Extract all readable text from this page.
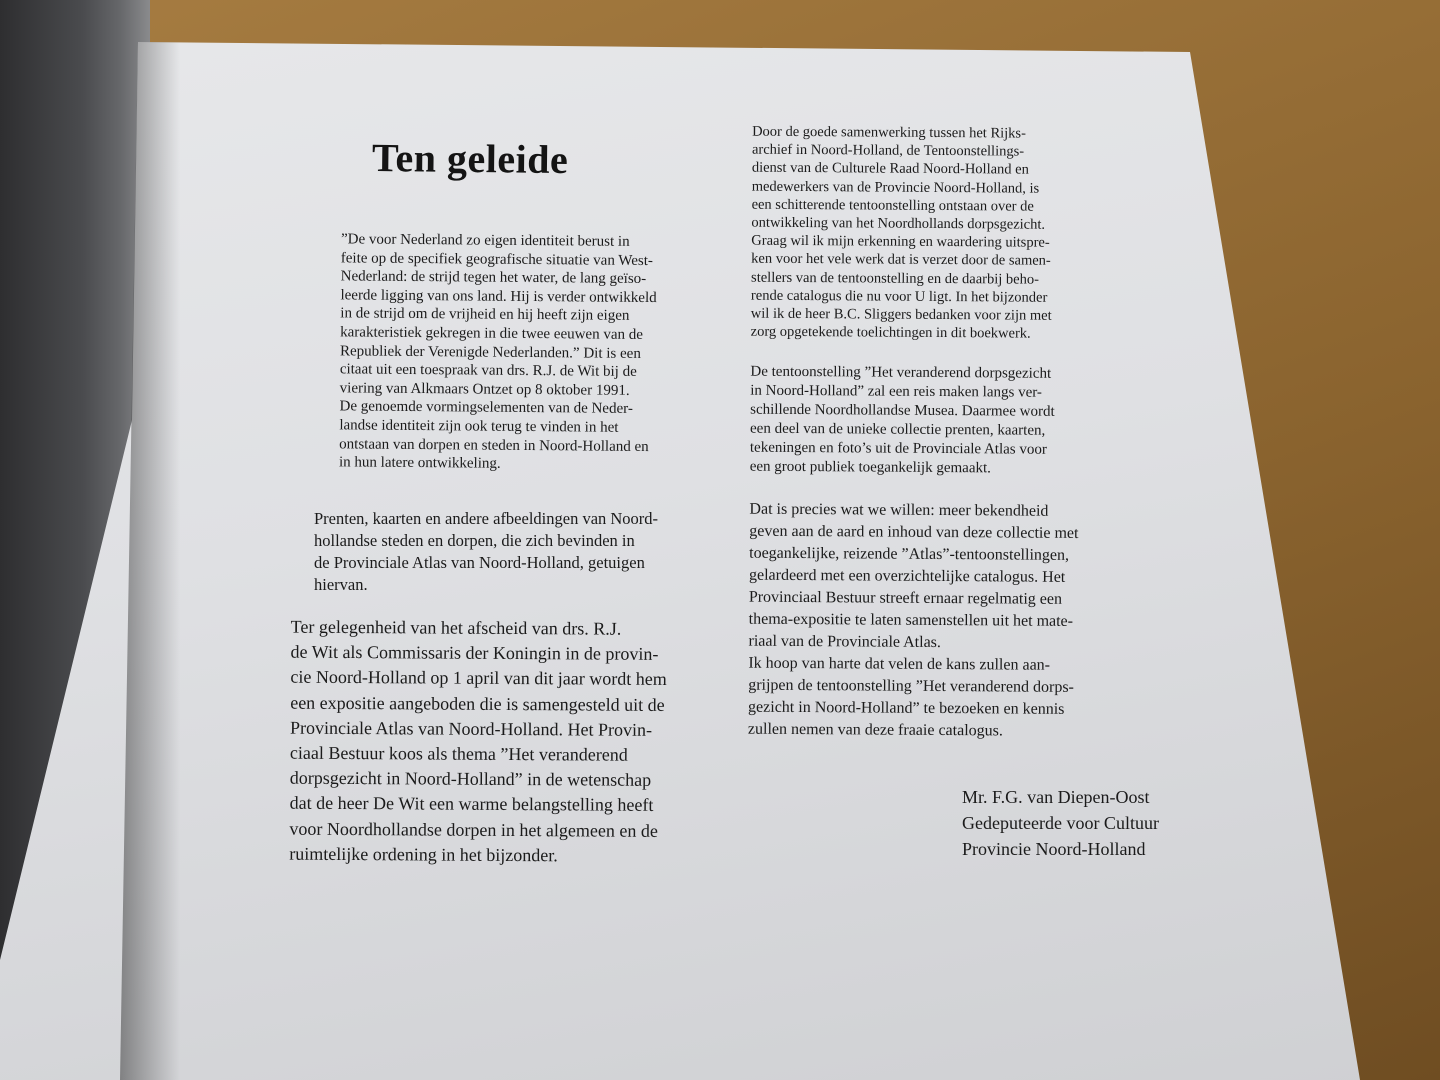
Ten geleide

”De voor Nederland zo eigen identiteit berust in
feite op de specifiek geografische situatie van West-
Nederland: de strijd tegen het water, de lang geïso-
leerde ligging van ons land. Hij is verder ontwikkeld
in de strijd om de vrijheid en hij heeft zijn eigen
karakteristiek gekregen in die twee eeuwen van de
Republiek der Verenigde Nederlanden.” Dit is een
citaat uit een toespraak van drs. R.J. de Wit bij de
viering van Alkmaars Ontzet op 8 oktober 1991.
De genoemde vormingselementen van de Neder-
landse identiteit zijn ook terug te vinden in het
ontstaan van dorpen en steden in Noord-Holland en
in hun latere ontwikkeling.

Prenten, kaarten en andere afbeeldingen van Noord-
hollandse steden en dorpen, die zich bevinden in
de Provinciale Atlas van Noord-Holland, getuigen
hiervan.

Ter gelegenheid van het afscheid van drs. R.J.
de Wit als Commissaris der Koningin in de provin-
cie Noord-Holland op 1 april van dit jaar wordt hem
een expositie aangeboden die is samengesteld uit de
Provinciale Atlas van Noord-Holland. Het Provin-
ciaal Bestuur koos als thema ”Het veranderend
dorpsgezicht in Noord-Holland” in de wetenschap
dat de heer De Wit een warme belangstelling heeft
voor Noordhollandse dorpen in het algemeen en de
ruimtelijke ordening in het bijzonder.

Door de goede samenwerking tussen het Rijks-
archief in Noord-Holland, de Tentoonstellings-
dienst van de Culturele Raad Noord-Holland en
medewerkers van de Provincie Noord-Holland, is
een schitterende tentoonstelling ontstaan over de
ontwikkeling van het Noordhollands dorpsgezicht.
Graag wil ik mijn erkenning en waardering uitspre-
ken voor het vele werk dat is verzet door de samen-
stellers van de tentoonstelling en de daarbij beho-
rende catalogus die nu voor U ligt. In het bijzonder
wil ik de heer B.C. Sliggers bedanken voor zijn met
zorg opgetekende toelichtingen in dit boekwerk.

De tentoonstelling ”Het veranderend dorpsgezicht
in Noord-Holland” zal een reis maken langs ver-
schillende Noordhollandse Musea. Daarmee wordt
een deel van de unieke collectie prenten, kaarten,
tekeningen en foto’s uit de Provinciale Atlas voor
een groot publiek toegankelijk gemaakt.

Dat is precies wat we willen: meer bekendheid
geven aan de aard en inhoud van deze collectie met
toegankelijke, reizende ”Atlas”-tentoonstellingen,
gelardeerd met een overzichtelijke catalogus. Het
Provinciaal Bestuur streeft ernaar regelmatig een
thema-expositie te laten samenstellen uit het mate-
riaal van de Provinciale Atlas.
Ik hoop van harte dat velen de kans zullen aan-
grijpen de tentoonstelling ”Het veranderend dorps-
gezicht in Noord-Holland” te bezoeken en kennis
zullen nemen van deze fraaie catalogus.

Mr. F.G. van Diepen-Oost
Gedeputeerde voor Cultuur
Provincie Noord-Holland
